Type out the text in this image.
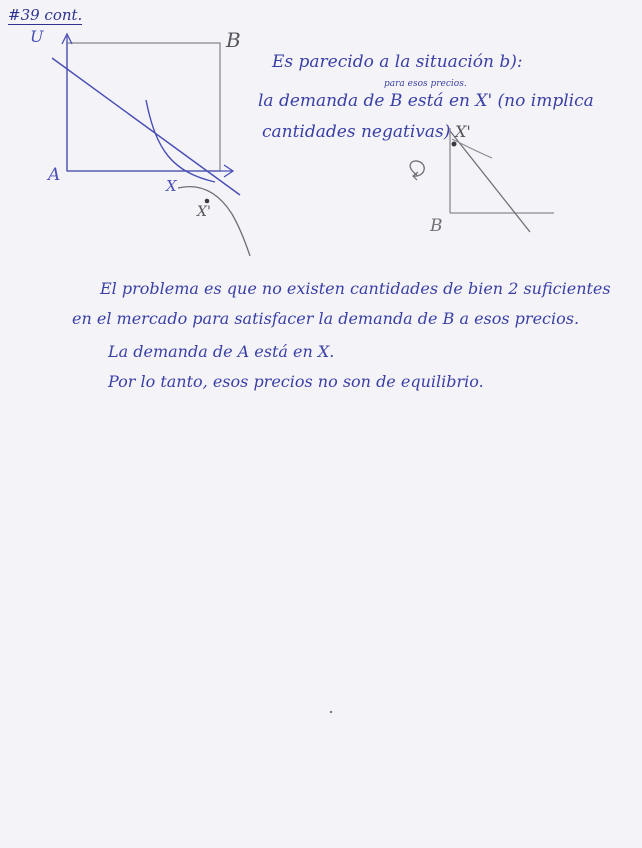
#39 cont.
U	B
A
X
X'
X'
B
Es parecido a la situación b):
para esos precios.
la demanda de B está en X' (no implica
cantidades negativas)
El problema es que no existen cantidades de bien 2 suficientes
en el mercado para satisfacer la demanda de B a esos precios.
La demanda de A está en X.
Por lo tanto, esos precios no son de equilibrio.
